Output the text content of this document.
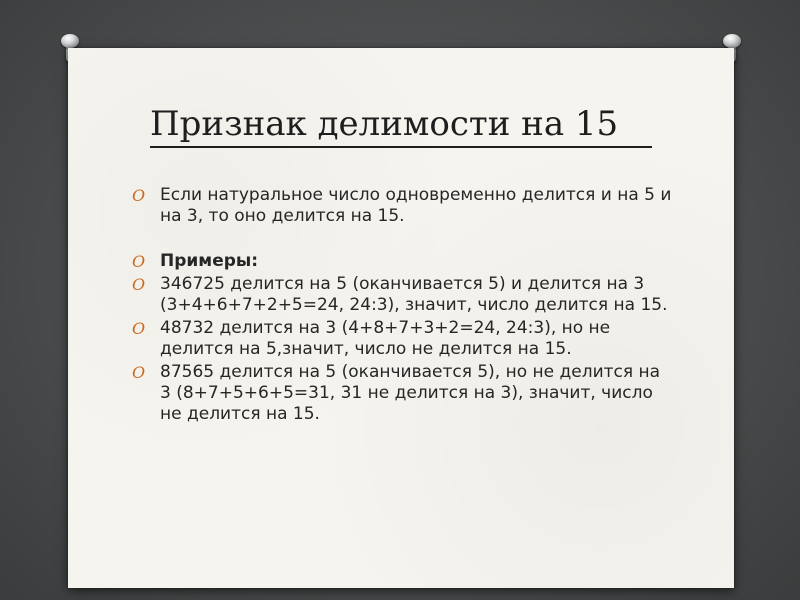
Признак делимости на 15
O Если натуральное число одновременно делится и на 5 и на 3, то оно делится на 15.
O Примеры:
O 346725 делится на 5 (оканчивается 5) и делится на 3 (3+4+6+7+2+5=24, 24:3), значит, число делится на 15.
O 48732 делится на 3 (4+8+7+3+2=24, 24:3), но не делится на 5,значит, число не делится на 15.
O 87565 делится на 5 (оканчивается 5), но не делится на 3 (8+7+5+6+5=31, 31 не делится на 3), значит, число не делится на 15.
